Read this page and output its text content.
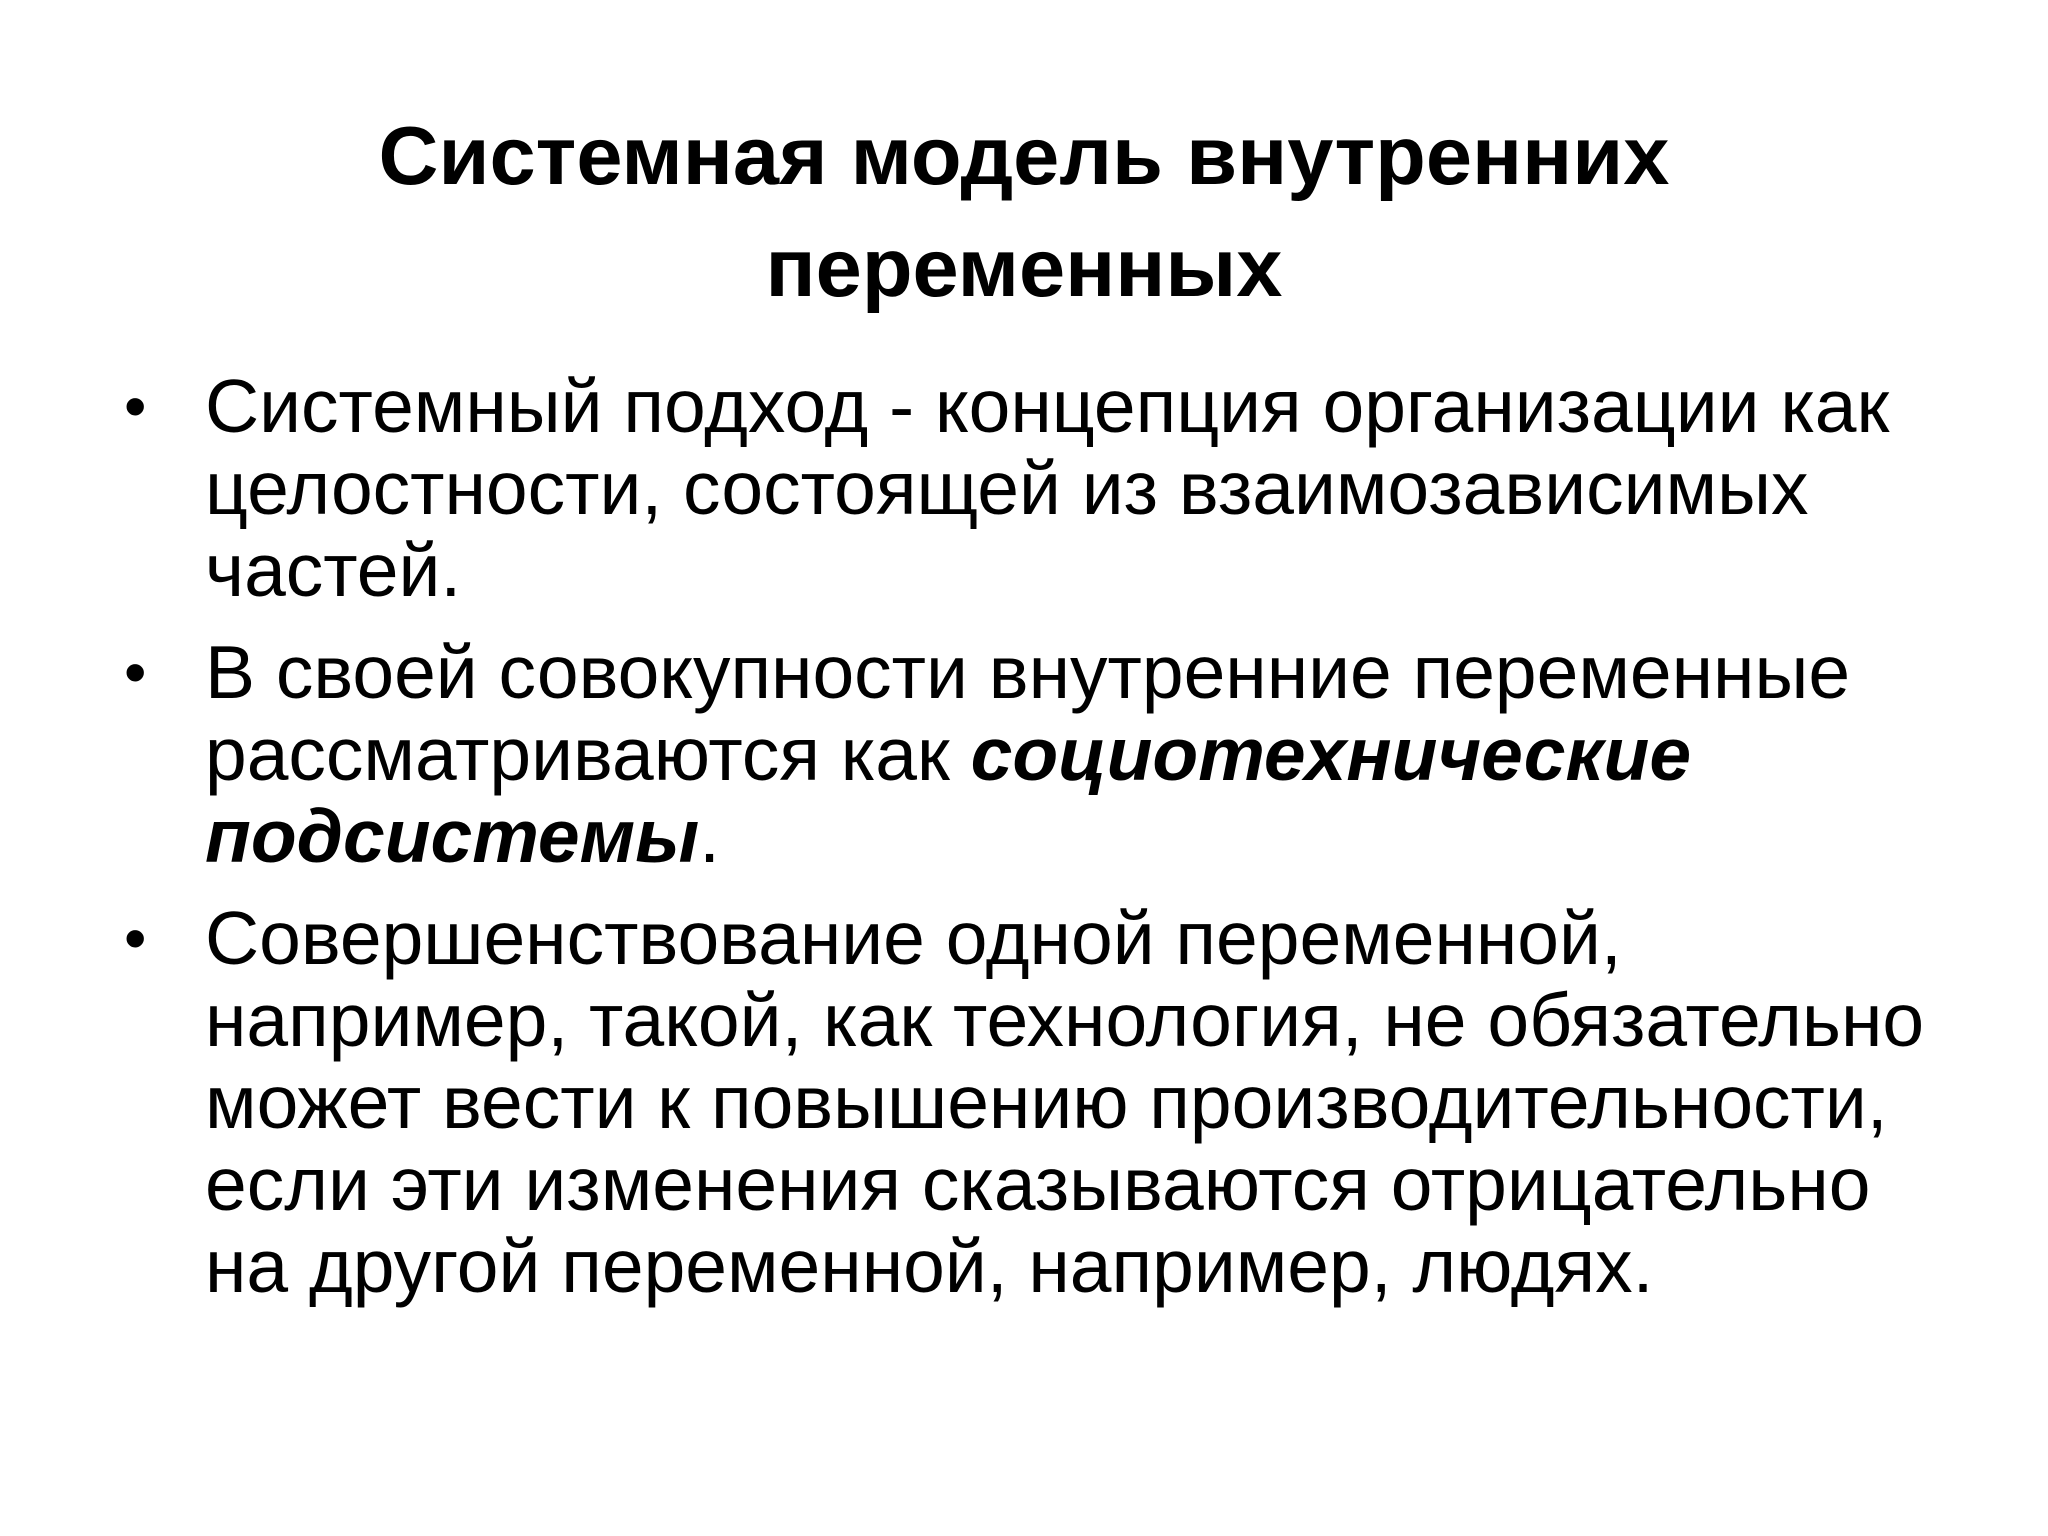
Системная модель внутренних переменных
• Системный подход - концепция организации как целостности, состоящей из взаимозависимых частей.
• В своей совокупности внутренние переменные рассматриваются как социотехнические подсистемы.
• Совершенствование одной переменной, например, такой, как технология, не обязательно может вести к повышению производительности, если эти изменения сказываются отрицательно на другой переменной, например, людях.
